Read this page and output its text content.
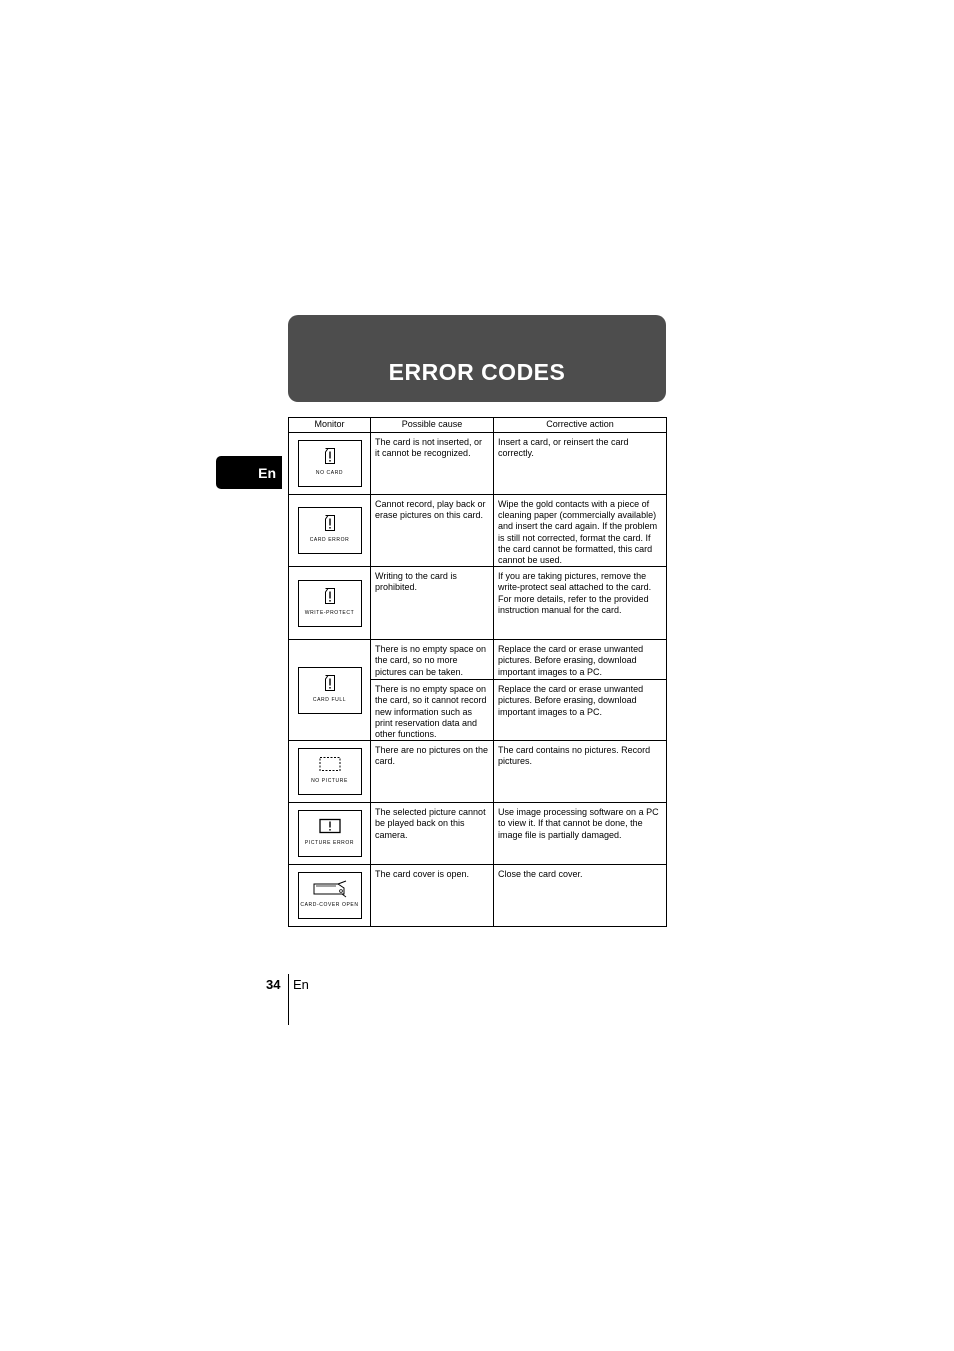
ERROR CODES
En
Monitor	Possible cause	Corrective action

NO CARD	The card is not inserted, or it cannot be recognized.	Insert a card, or reinsert the card correctly.

CARD ERROR	Cannot record, play back or erase pictures on this card.	Wipe the gold contacts with a piece of cleaning paper (commercially available) and insert the card again. If the problem is still not corrected, format the card. If the card cannot be formatted, this card cannot be used.

WRITE-PROTECT	Writing to the card is prohibited.	If you are taking pictures, remove the write-protect seal attached to the card. For more details, refer to the provided instruction manual for the card.

CARD FULL	There is no empty space on the card, so no more pictures can be taken.	Replace the card or erase unwanted pictures. Before erasing, download important images to a PC.
	There is no empty space on the card, so it cannot record new information such as print reservation data and other functions.	Replace the card or erase unwanted pictures. Before erasing, download important images to a PC.

NO PICTURE	There are no pictures on the card.	The card contains no pictures. Record pictures.

PICTURE ERROR	The selected picture cannot be played back on this camera.	Use image processing software on a PC to view it. If that cannot be done, the image file is partially damaged.

CARD-COVER OPEN	The card cover is open.	Close the card cover.
34 En
